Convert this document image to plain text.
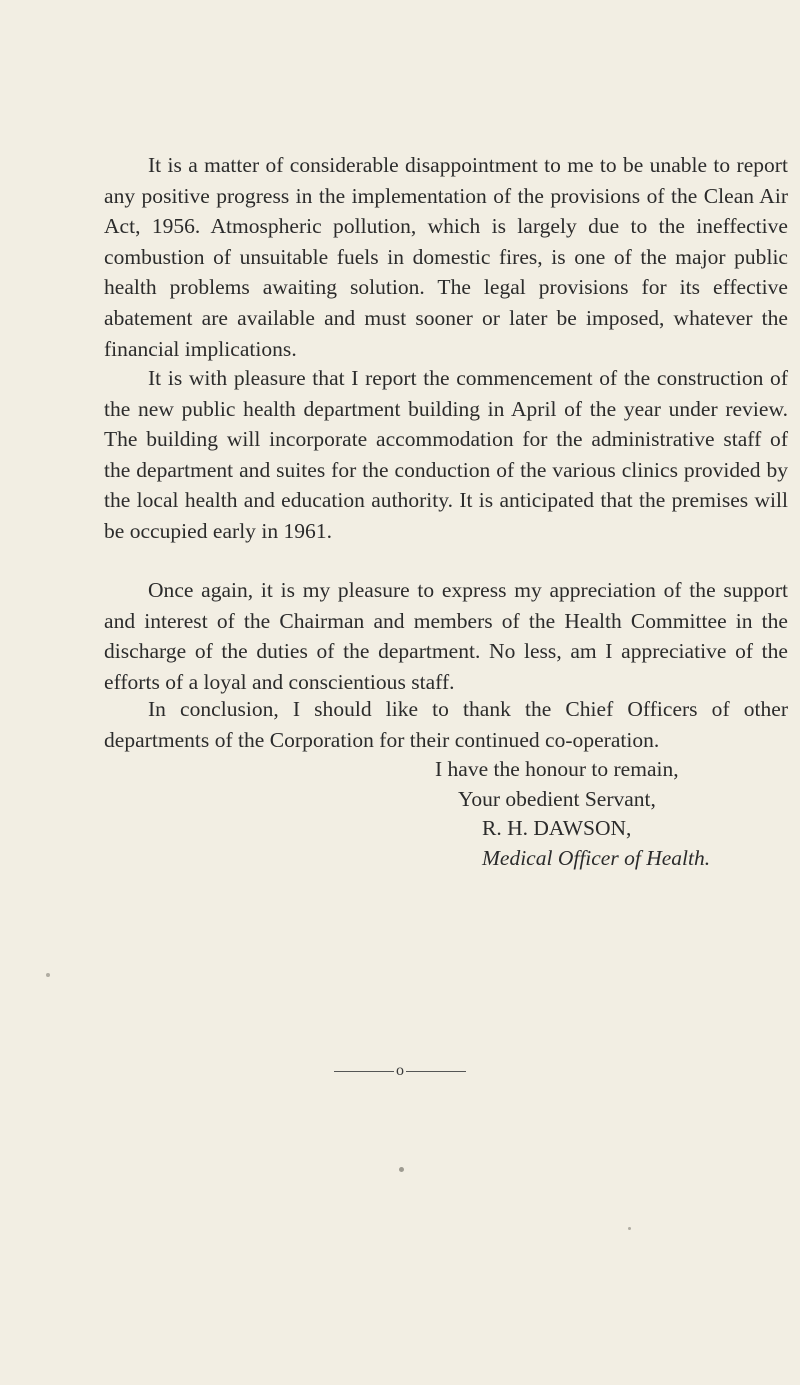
It is a matter of considerable disappointment to me to be unable to report any positive progress in the implementation of the provisions of the Clean Air Act, 1956. Atmospheric pollution, which is largely due to the ineffective combustion of unsuitable fuels in domestic fires, is one of the major public health problems awaiting solution. The legal provisions for its effective abatement are available and must sooner or later be imposed, whatever the financial implications.

It is with pleasure that I report the commencement of the construction of the new public health department building in April of the year under review. The building will incorporate accommodation for the administrative staff of the department and suites for the conduction of the various clinics provided by the local health and education authority. It is anticipated that the premises will be occupied early in 1961.

Once again, it is my pleasure to express my appreciation of the support and interest of the Chairman and members of the Health Committee in the discharge of the duties of the department. No less, am I appreciative of the efforts of a loyal and conscientious staff.

In conclusion, I should like to thank the Chief Officers of other departments of the Corporation for their continued co-operation.

I have the honour to remain,
Your obedient Servant,
R. H. DAWSON,
Medical Officer of Health.
o
